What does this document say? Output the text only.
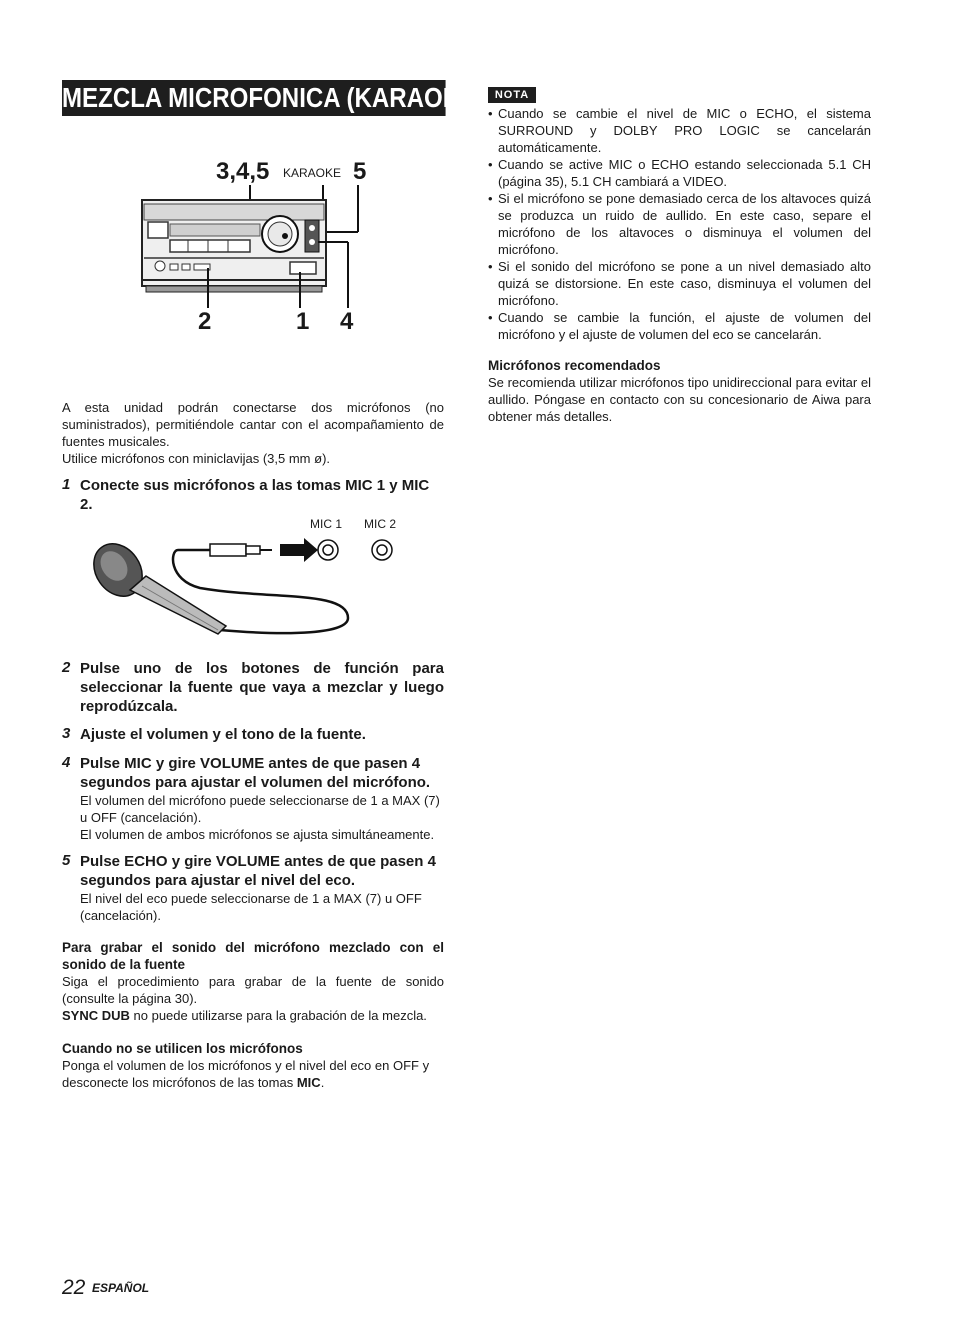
MEZCLA MICROFONICA (KARAOKE)
3,4,5 KARAOKE 5
2	1 4

A esta unidad podrán conectarse dos micrófonos (no suministrados), permitiéndole cantar con el acompañamiento de fuentes musicales.

Utilice micrófonos con miniclavijas (3,5 mm ø).

1 Conecte sus micrófonos a las tomas MIC 1 y MIC 2.
MIC 1 MIC 2
2 Pulse uno de los botones de función para seleccionar la fuente que vaya a mezclar y luego reprodúzcala.
3 Ajuste el volumen y el tono de la fuente.
4 Pulse MIC y gire VOLUME antes de que pasen 4 segundos para ajustar el volumen del micrófono.

El volumen del micrófono puede seleccionarse de 1 a MAX (7) u OFF (cancelación).

El volumen de ambos micrófonos se ajusta simultáneamente.

5 Pulse ECHO y gire VOLUME antes de que pasen 4 segundos para ajustar el nivel del eco.

El nivel del eco puede seleccionarse de 1 a MAX (7) u OFF (cancelación).

Para grabar el sonido del micrófono mezclado con el sonido de la fuente

Siga el procedimiento para grabar de la fuente de sonido (consulte la página 30).

SYNC DUB no puede utilizarse para la grabación de la mezcla.

Cuando no se utilicen los micrófonos

Ponga el volumen de los micrófonos y el nivel del eco en OFF y desconecte los micrófonos de las tomas MIC.

NOTA
• Cuando se cambie el nivel de MIC o ECHO, el sistema SURROUND y DOLBY PRO LOGIC se cancelarán automáticamente.
• Cuando se active MIC o ECHO estando seleccionada 5.1 CH (página 35), 5.1 CH cambiará a VIDEO.
• Si el micrófono se pone demasiado cerca de los altavoces quizá se produzca un ruido de aullido. En este caso, separe el micrófono de los altavoces o disminuya el volumen del micrófono.
• Si el sonido del micrófono se pone a un nivel demasiado alto quizá se distorsione. En este caso, disminuya el volumen del micrófono.
• Cuando se cambie la función, el ajuste de volumen del micrófono y el ajuste de volumen del eco se cancelarán.

Micrófonos recomendados

Se recomienda utilizar micrófonos tipo unidireccional para evitar el aullido. Póngase en contacto con su concesionario de Aiwa para obtener más detalles.

22 ESPAÑOL
